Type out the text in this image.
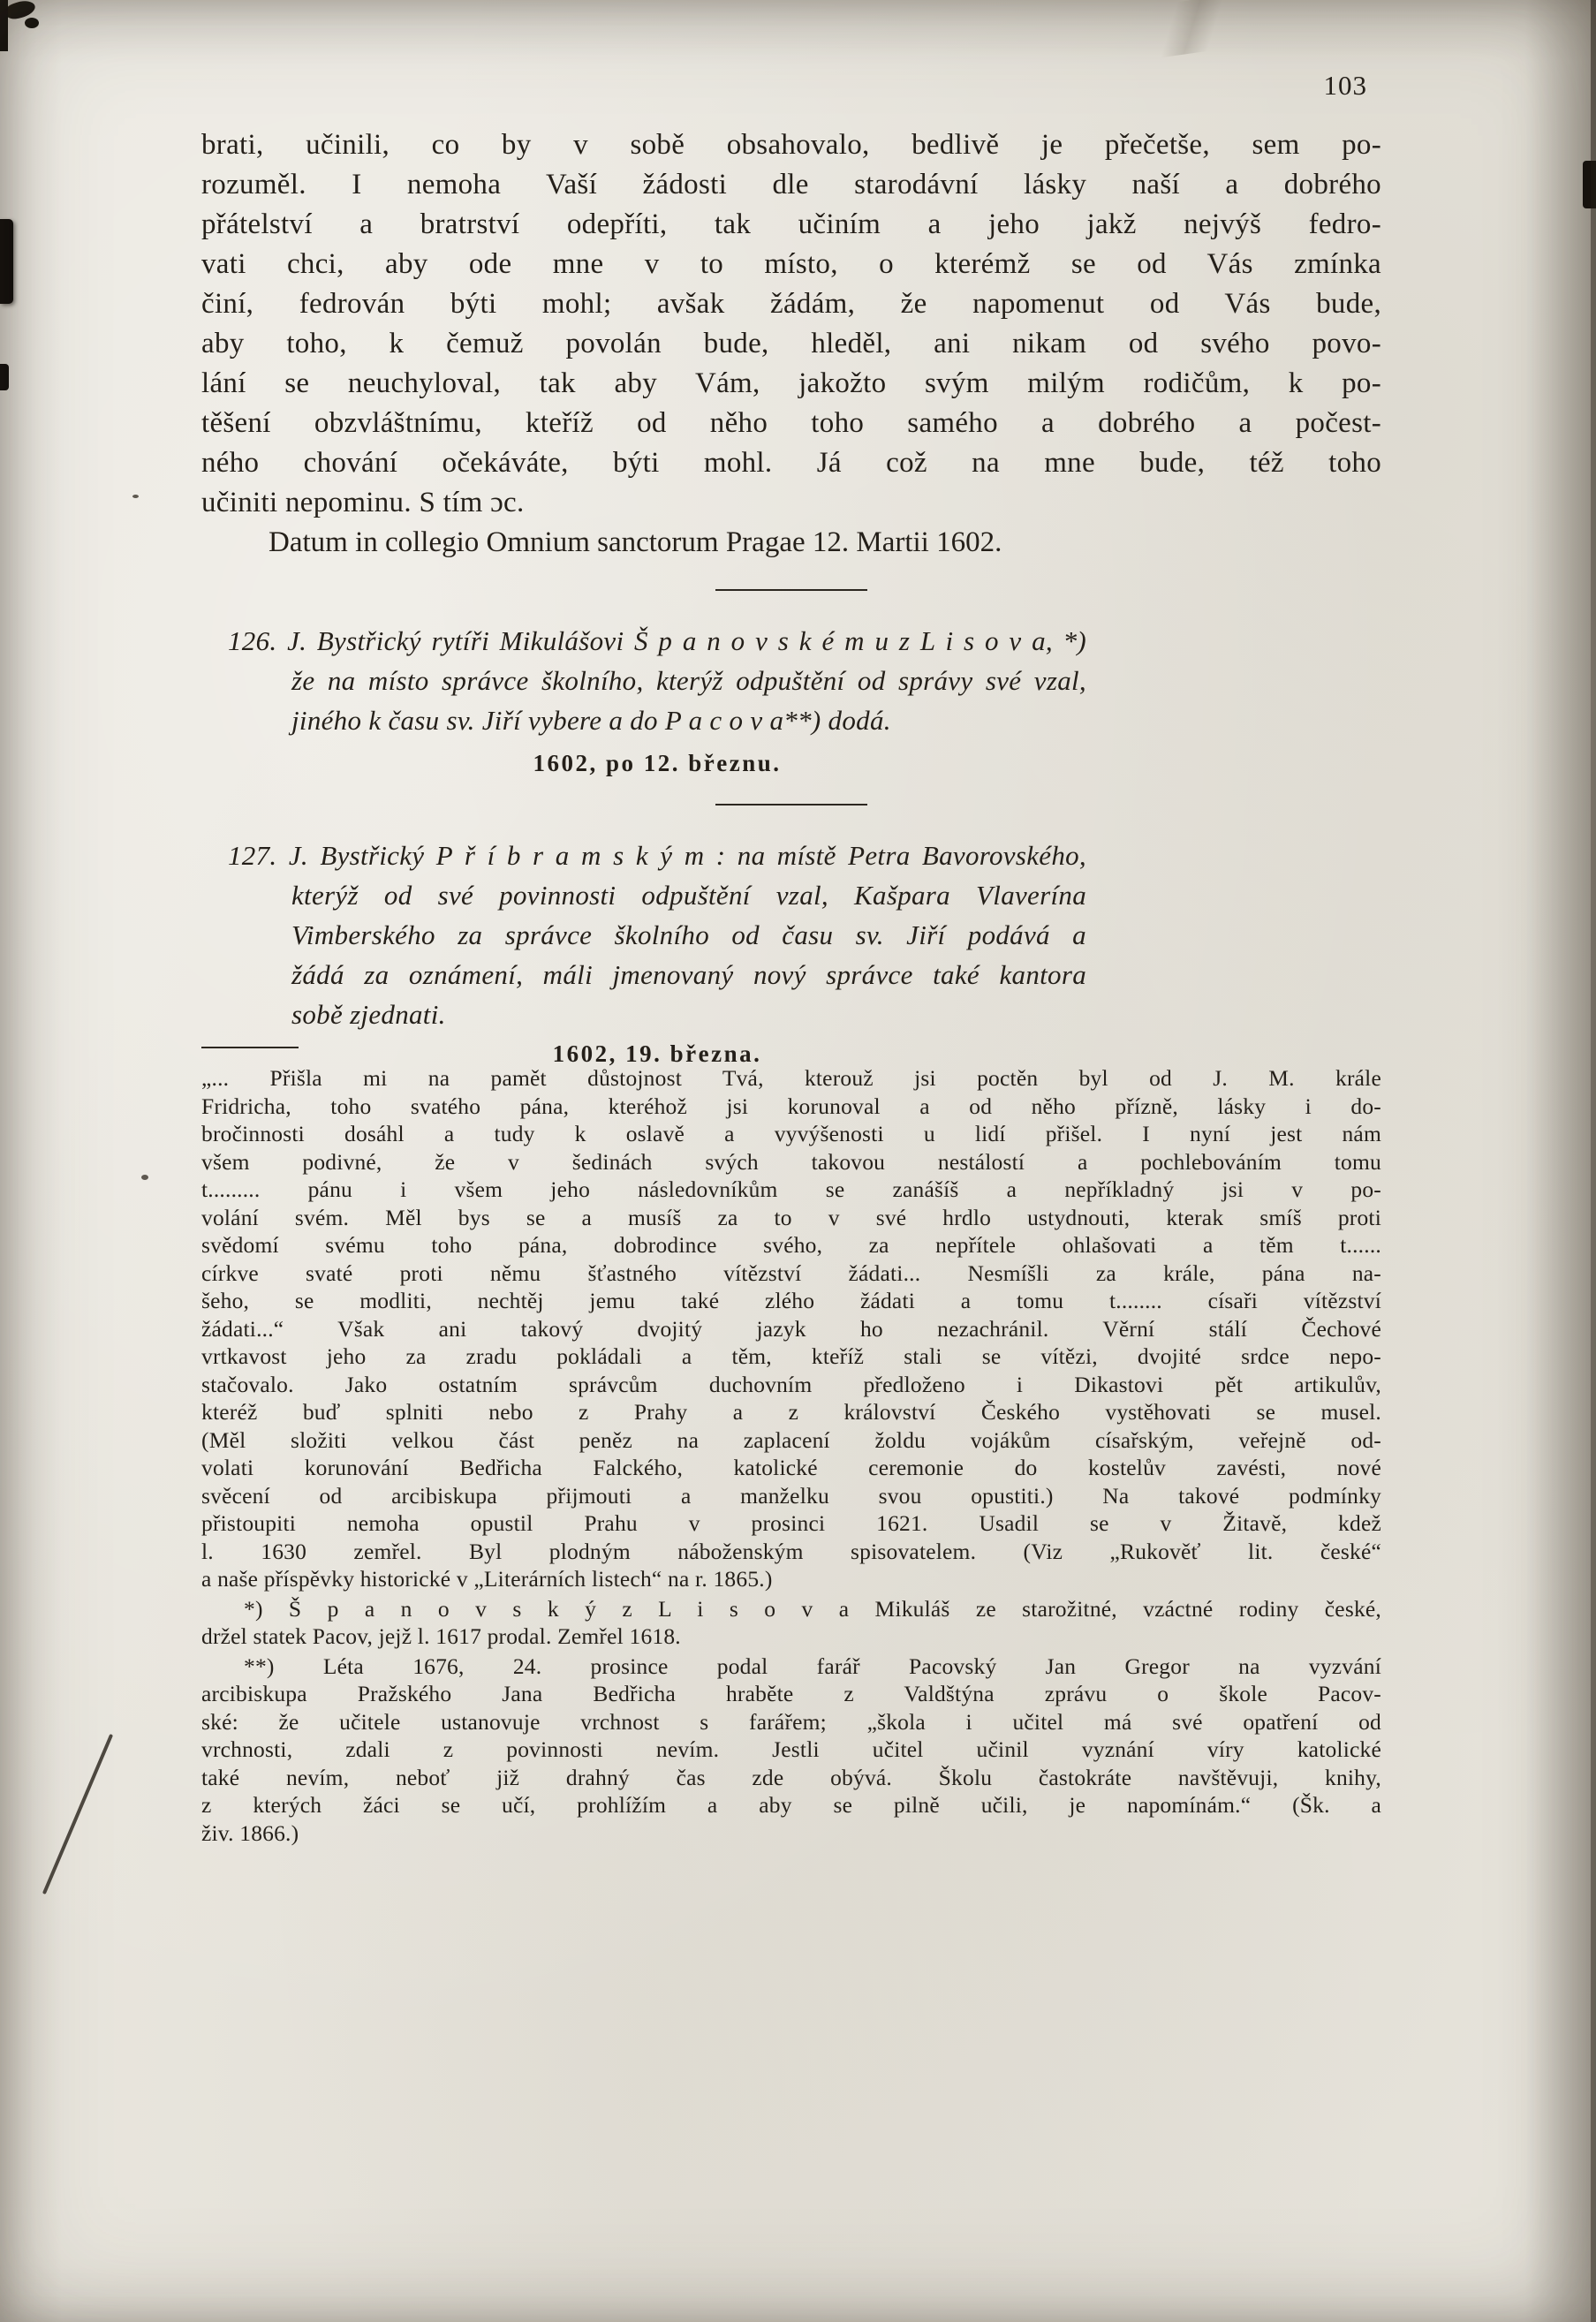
103
brati, učinili, co by v sobě obsahovalo, bedlivě je přečetše, sem po-
rozuměl. I nemoha Vaší žádosti dle starodávní lásky naší a dobrého
přátelství a bratrství odepříti, tak učiním a jeho jakž nejvýš fedro-
vati chci, aby ode mne v to místo, o kterémž se od Vás zmínka
činí, fedrován býti mohl; avšak žádám, že napomenut od Vás bude,
aby toho, k čemuž povolán bude, hleděl, ani nikam od svého povo-
lání se neuchyloval, tak aby Vám, jakožto svým milým rodičům, k po-
těšení obzvláštnímu, kteříž od něho toho samého a dobrého a počest-
ného chování očekáváte, býti mohl. Já což na mne bude, též toho
učiniti nepominu. S tím ɔc.
Datum in collegio Omnium sanctorum Pragae 12. Martii 1602.
126. J. Bystřický rytíři Mikulášovi Š p a n o v s k é m u z L i s o v a, *)
že na místo správce školního, kterýž odpuštění od správy své vzal,
jiného k času sv. Jiří vybere a do P a c o v a**) dodá.
1602, po 12. březnu.
127. J. Bystřický P ř í b r a m s k ý m : na místě Petra Bavorovského,
kterýž od své povinnosti odpuštění vzal, Kašpara Vlaverína
Vimberského za správce školního od času sv. Jiří podává a
žádá za oznámení, máli jmenovaný nový správce také kantora
sobě zjednati.
1602, 19. března.
„... Přišla mi na pamět důstojnost Tvá, kterouž jsi poctěn byl od J. M. krále
Fridricha, toho svatého pána, kteréhož jsi korunoval a od něho přízně, lásky i do-
bročinnosti dosáhl a tudy k oslavě a vyvýšenosti u lidí přišel. I nyní jest nám
všem podivné, že v šedinách svých takovou nestálostí a pochlebováním tomu
t......... pánu i všem jeho následovníkům se zanášíš a nepříkladný jsi v po-
volání svém. Měl bys se a musíš za to v své hrdlo ustydnouti, kterak smíš proti
svědomí svému toho pána, dobrodince svého, za nepřítele ohlašovati a těm t......
církve svaté proti němu šťastného vítězství žádati... Nesmíšli za krále, pána na-
šeho, se modliti, nechtěj jemu také zlého žádati a tomu t........ císaři vítězství
žádati...“ Však ani takový dvojitý jazyk ho nezachránil. Věrní stálí Čechové
vrtkavost jeho za zradu pokládali a těm, kteříž stali se vítězi, dvojité srdce nepo-
stačovalo. Jako ostatním správcům duchovním předloženo i Dikastovi pět artikulův,
kteréž buď splniti nebo z Prahy a z království Českého vystěhovati se musel.
(Měl složiti velkou část peněz na zaplacení žoldu vojákům císařským, veřejně od-
volati korunování Bedřicha Falckého, katolické ceremonie do kostelův zavésti, nové
svěcení od arcibiskupa přijmouti a manželku svou opustiti.) Na takové podmínky
přistoupiti nemoha opustil Prahu v prosinci 1621. Usadil se v Žitavě, kdež
l. 1630 zemřel. Byl plodným náboženským spisovatelem. (Viz „Rukověť lit. české“
a naše příspěvky historické v „Literárních listech“ na r. 1865.)
*) Š p a n o v s k ý z L i s o v a Mikuláš ze starožitné, vzáctné rodiny české,
držel statek Pacov, jejž l. 1617 prodal. Zemřel 1618.
**) Léta 1676, 24. prosince podal farář Pacovský Jan Gregor na vyzvání
arcibiskupa Pražského Jana Bedřicha hraběte z Valdštýna zprávu o škole Pacov-
ské: že učitele ustanovuje vrchnost s farářem; „škola i učitel má své opatření od
vrchnosti, zdali z povinnosti nevím. Jestli učitel učinil vyznání víry katolické
také nevím, neboť již drahný čas zde obývá. Školu častokráte navštěvuji, knihy,
z kterých žáci se učí, prohlížím a aby se pilně učili, je napomínám.“ (Šk. a
živ. 1866.)
